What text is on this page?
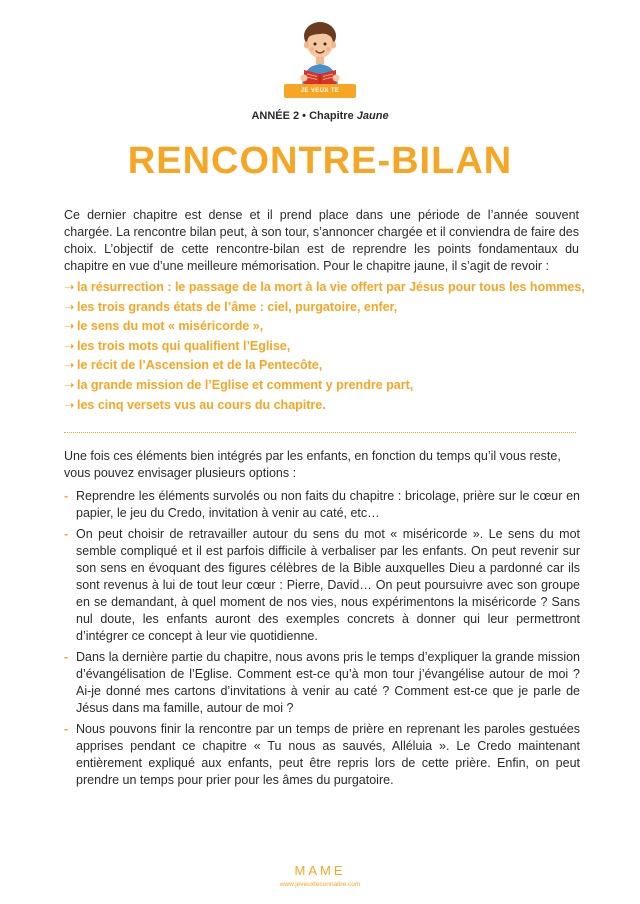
JE VEUX TE CONNAÎTRE
ANNÉE 2 • Chapitre Jaune
RENCONTRE-BILAN

Ce dernier chapitre est dense et il prend place dans une période de l’année souvent chargée. La rencontre bilan peut, à son tour, s’annoncer chargée et il conviendra de faire des choix. L’objectif de cette rencontre-bilan est de reprendre les points fondamentaux du chapitre en vue d’une meilleure mémorisation. Pour le chapitre jaune, il s’agit de revoir :

➝ la résurrection : le passage de la mort à la vie offert par Jésus pour tous les hommes,
➝ les trois grands états de l’âme : ciel, purgatoire, enfer,
➝ le sens du mot « miséricorde »,
➝ les trois mots qui qualifient l’Eglise,
➝ le récit de l’Ascension et de la Pentecôte,
➝ la grande mission de l’Eglise et comment y prendre part,
➝ les cinq versets vus au cours du chapitre.

Une fois ces éléments bien intégrés par les enfants, en fonction du temps qu’il vous reste, vous pouvez envisager plusieurs options :

- Reprendre les éléments survolés ou non faits du chapitre : bricolage, prière sur le cœur en papier, le jeu du Credo, invitation à venir au caté, etc…
- On peut choisir de retravailler autour du sens du mot « miséricorde ». Le sens du mot semble compliqué et il est parfois difficile à verbaliser par les enfants. On peut revenir sur son sens en évoquant des figures célèbres de la Bible auxquelles Dieu a pardonné car ils sont revenus à lui de tout leur cœur : Pierre, David… On peut poursuivre avec son groupe en se demandant, à quel moment de nos vies, nous expérimentons la miséricorde ? Sans nul doute, les enfants auront des exemples concrets à donner qui leur permettront d’intégrer ce concept à leur vie quotidienne.
- Dans la dernière partie du chapitre, nous avons pris le temps d’expliquer la grande mission d’évangélisation de l’Eglise. Comment est-ce qu’à mon tour j’évangélise autour de moi ? Ai-je donné mes cartons d’invitations à venir au caté ? Comment est-ce que je parle de Jésus dans ma famille, autour de moi ?
- Nous pouvons finir la rencontre par un temps de prière en reprenant les paroles gestuées apprises pendant ce chapitre « Tu nous as sauvés, Alléluia ». Le Credo maintenant entièrement expliqué aux enfants, peut être repris lors de cette prière. Enfin, on peut prendre un temps pour prier pour les âmes du purgatoire.
MAME
www.jeveuxteconnaitre.com
